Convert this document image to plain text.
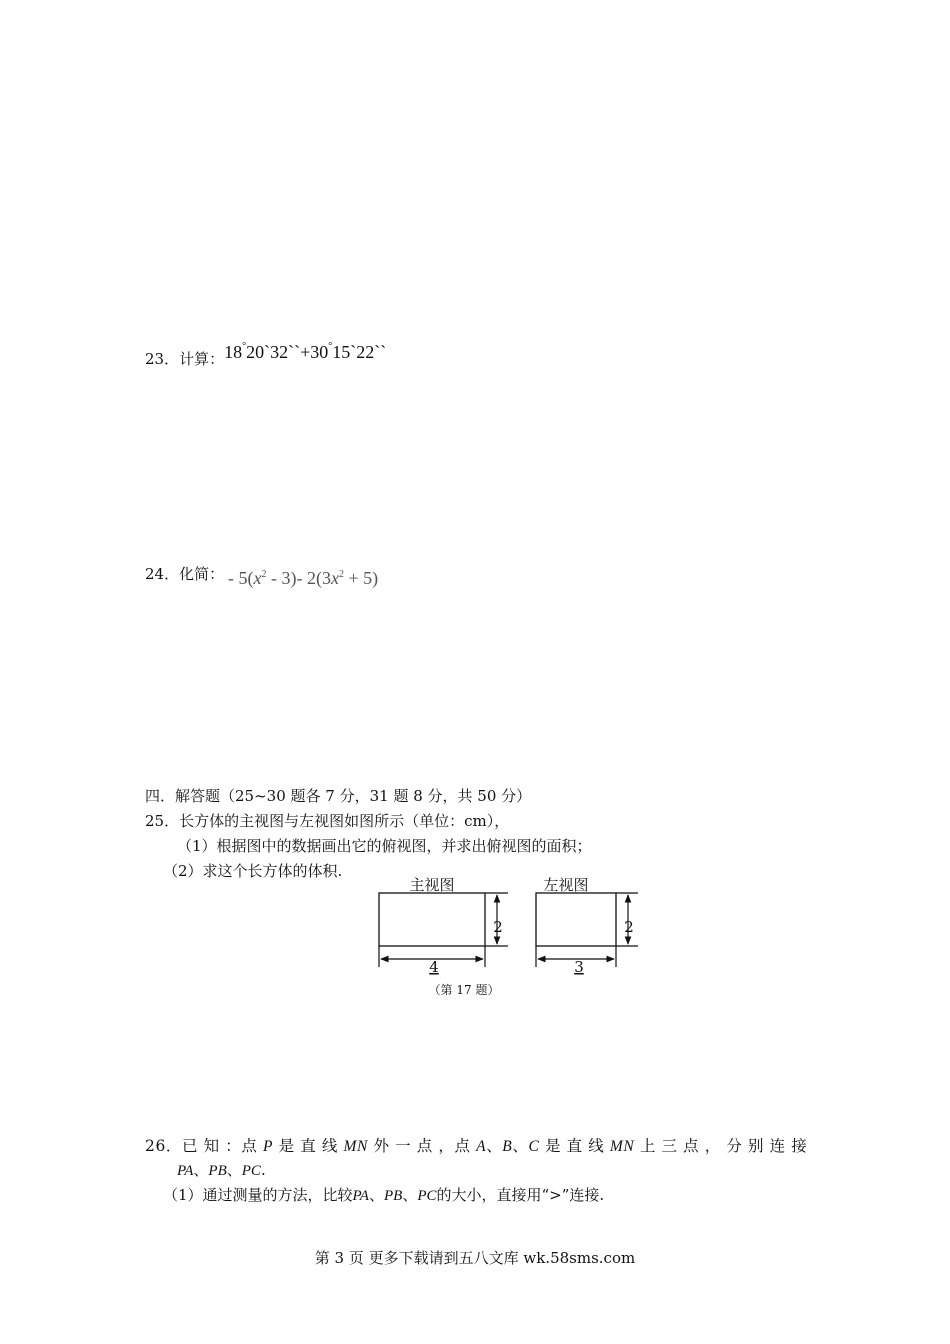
23．计算：18°20`32``+30°15`22``
24．化简： - $5(x^2 - 3)-$ $2(3x^2 + 5)$
四．解答题（25~30 题各 7 分，31 题 8 分，共 50 分）
25．长方体的主视图与左视图如图所示（单位：cm），
（1）根据图中的数据画出它的俯视图，并求出俯视图的面积；
（2）求这个长方体的体积.
主视图
2
4
左视图
2
3
（第 17 题）
26．已 知 ：点 P 是 直 线 MN 外 一 点 ，点 A、B、C 是 直 线 MN 上 三 点 ， 分 别 连 接
PA、PB、PC.
（1）通过测量的方法，比较PA、PB、PC的大小，直接用“>”连接.
第 3 页 更多下载请到五八文库 wk.58sms.com
